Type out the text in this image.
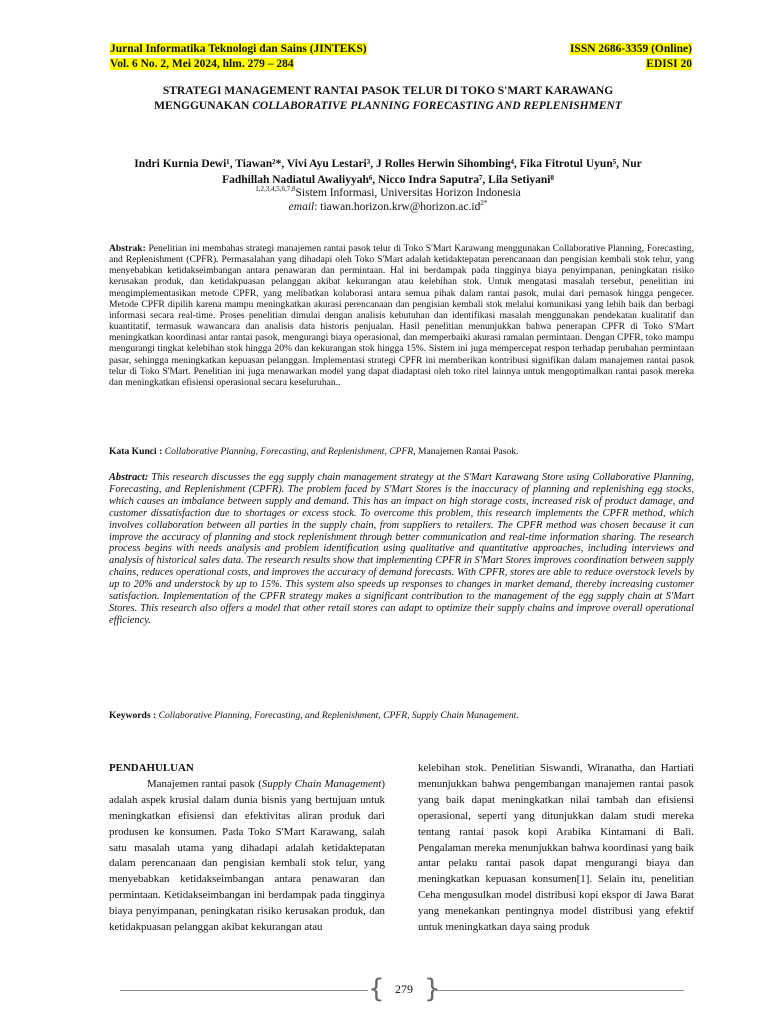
Jurnal Informatika Teknologi dan Sains (JINTEKS)
Vol. 6 No. 2, Mei 2024, hlm. 279 – 284
ISSN 2686-3359 (Online)
EDISI 20
STRATEGI MANAGEMENT RANTAI PASOK TELUR DI TOKO S'MART KARAWANG
MENGGUNAKAN COLLABORATIVE PLANNING FORECASTING AND REPLENISHMENT
Indri Kurnia Dewi¹, Tiawan²*, Vivi Ayu Lestari³, J Rolles Herwin Sihombing⁴, Fika Fitrotul Uyun⁵, Nur
Fadhillah Nadiatul Awaliyyah⁶, Nicco Indra Saputra⁷, Lila Setiyani⁸
$^{1,2,3,4,5,6,7,8}$Sistem Informasi, Universitas Horizon Indonesia
email: $tiawan.horizon.krw@horizon.ac.id^{2*}$
Abstrak: Penelitian ini membahas strategi manajemen rantai pasok telur di Toko S'Mart Karawang menggunakan Collaborative Planning, Forecasting, and Replenishment (CPFR). Permasalahan yang dihadapi oleh Toko S'Mart adalah ketidaktepatan perencanaan dan pengisian kembali stok telur, yang menyebabkan ketidakseimbangan antara penawaran dan permintaan. Hal ini berdampak pada tingginya biaya penyimpanan, peningkatan risiko kerusakan produk, dan ketidakpuasan pelanggan akibat kekurangan atau kelebihan stok. Untuk mengatasi masalah tersebut, penelitian ini mengimplementasikan metode CPFR, yang melibatkan kolaborasi antara semua pihak dalam rantai pasok, mulai dari pemasok hingga pengecer. Metode CPFR dipilih karena mampu meningkatkan akurasi perencanaan dan pengisian kembali stok melalui komunikasi yang lebih baik dan berbagi informasi secara real-time. Proses penelitian dimulai dengan analisis kebutuhan dan identifikasi masalah menggunakan pendekatan kualitatif dan kuantitatif, termasuk wawancara dan analisis data historis penjualan. Hasil penelitian menunjukkan bahwa penerapan CPFR di Toko S'Mart meningkatkan koordinasi antar rantai pasok, mengurangi biaya operasional, dan memperbaiki akurasi ramalan permintaan. Dengan CPFR, toko mampu mengurangi tingkat kelebihan stok hingga 20% dan kekurangan stok hingga 15%. Sistem ini juga mempercepat respon terhadap perubahan permintaan pasar, sehingga meningkatkan kepuasan pelanggan. Implementasi strategi CPFR ini memberikan kontribusi signifikan dalam manajemen rantai pasok telur di Toko S'Mart. Penelitian ini juga menawarkan model yang dapat diadaptasi oleh toko ritel lainnya untuk mengoptimalkan rantai pasok mereka dan meningkatkan efisiensi operasional secara keseluruhan..
Kata Kunci : Collaborative Planning, Forecasting, and Replenishment, CPFR, Manajemen Rantai Pasok.
Abstract: This research discusses the egg supply chain management strategy at the S'Mart Karawang Store using Collaborative Planning, Forecasting, and Replenishment (CPFR). The problem faced by S'Mart Stores is the inaccuracy of planning and replenishing egg stocks, which causes an imbalance between supply and demand. This has an impact on high storage costs, increased risk of product damage, and customer dissatisfaction due to shortages or excess stock. To overcome this problem, this research implements the CPFR method, which involves collaboration between all parties in the supply chain, from suppliers to retailers. The CPFR method was chosen because it can improve the accuracy of planning and stock replenishment through better communication and real-time information sharing. The research process begins with needs analysis and problem identification using qualitative and quantitative approaches, including interviews and analysis of historical sales data. The research results show that implementing CPFR in S'Mart Stores improves coordination between supply chains, reduces operational costs, and improves the accuracy of demand forecasts. With CPFR, stores are able to reduce overstock levels by up to 20% and understock by up to 15%. This system also speeds up responses to changes in market demand, thereby increasing customer satisfaction. Implementation of the CPFR strategy makes a significant contribution to the management of the egg supply chain at S'Mart Stores. This research also offers a model that other retail stores can adapt to optimize their supply chains and improve overall operational efficiency.
Keywords : Collaborative Planning, Forecasting, and Replenishment, CPFR, Supply Chain Management.
PENDAHULUAN
Manajemen rantai pasok (Supply Chain Management) adalah aspek krusial dalam dunia bisnis yang bertujuan untuk meningkatkan efisiensi dan efektivitas aliran produk dari produsen ke konsumen. Pada Toko S'Mart Karawang, salah satu masalah utama yang dihadapi adalah ketidaktepatan dalam perencanaan dan pengisian kembali stok telur, yang menyebabkan ketidakseimbangan antara penawaran dan permintaan. Ketidakseimbangan ini berdampak pada tingginya biaya penyimpanan, peningkatan risiko kerusakan produk, dan ketidakpuasan pelanggan akibat kekurangan atau
kelebihan stok. Penelitian Siswandi, Wiranatha, dan Hartiati menunjukkan bahwa pengembangan manajemen rantai pasok yang baik dapat meningkatkan nilai tambah dan efisiensi operasional, seperti yang ditunjukkan dalam studi mereka tentang rantai pasok kopi Arabika Kintamani di Bali. Pengalaman mereka menunjukkan bahwa koordinasi yang baik antar pelaku rantai pasok dapat mengurangi biaya dan meningkatkan kepuasan konsumen[1]. Selain itu, penelitian Ceha mengusulkan model distribusi kopi ekspor di Jawa Barat yang menekankan pentingnya model distribusi yang efektif untuk meningkatkan daya saing produk
{ }
279
